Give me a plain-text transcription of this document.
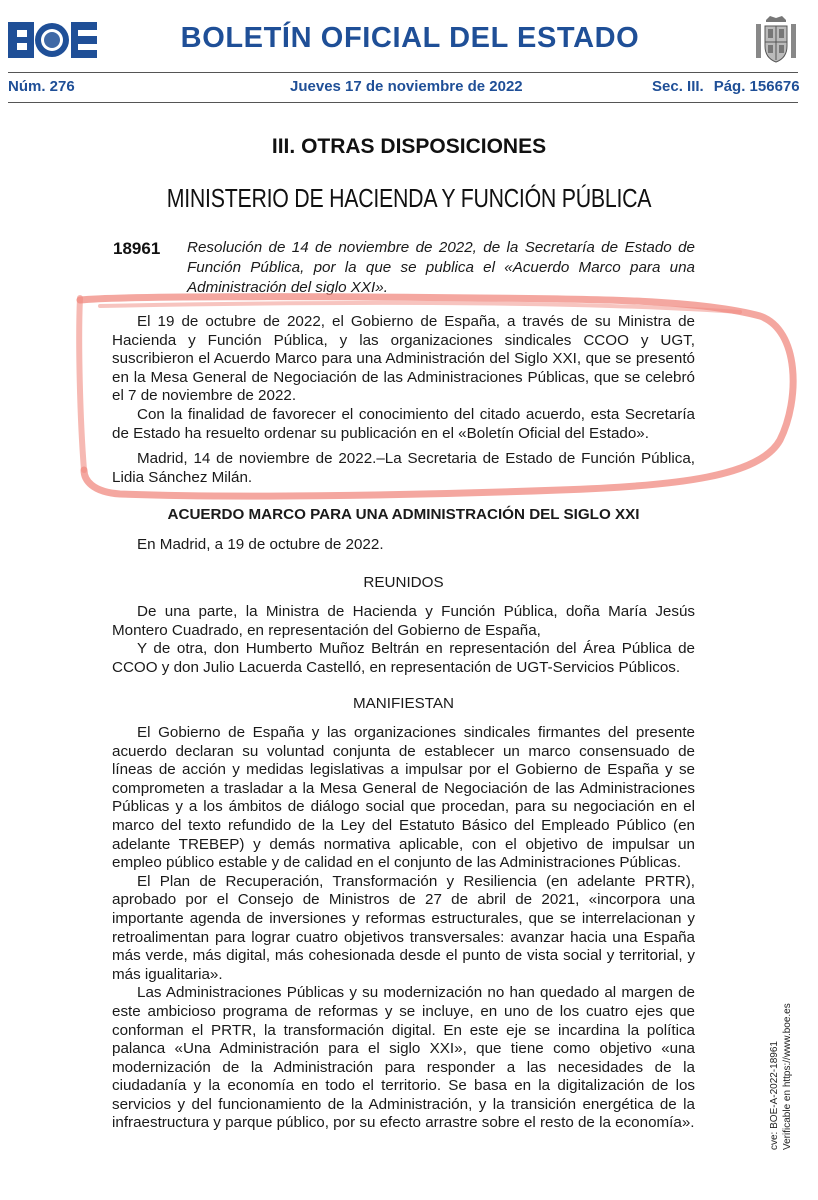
BOLETÍN OFICIAL DEL ESTADO
Núm. 276	Jueves 17 de noviembre de 2022	Sec. III. Pág. 156676
III. OTRAS DISPOSICIONES
MINISTERIO DE HACIENDA Y FUNCIÓN PÚBLICA
18961 Resolución de 14 de noviembre de 2022, de la Secretaría de Estado de Función Pública, por la que se publica el «Acuerdo Marco para una Administración del siglo XXI».

El 19 de octubre de 2022, el Gobierno de España, a través de su Ministra de Hacienda y Función Pública, y las organizaciones sindicales CCOO y UGT, suscribieron el Acuerdo Marco para una Administración del Siglo XXI, que se presentó en la Mesa General de Negociación de las Administraciones Públicas, que se celebró el 7 de noviembre de 2022.

Con la finalidad de favorecer el conocimiento del citado acuerdo, esta Secretaría de Estado ha resuelto ordenar su publicación en el «Boletín Oficial del Estado».

Madrid, 14 de noviembre de 2022.–La Secretaria de Estado de Función Pública, Lidia Sánchez Milán.

ACUERDO MARCO PARA UNA ADMINISTRACIÓN DEL SIGLO XXI
En Madrid, a 19 de octubre de 2022.
REUNIDOS

De una parte, la Ministra de Hacienda y Función Pública, doña María Jesús Montero Cuadrado, en representación del Gobierno de España,

Y de otra, don Humberto Muñoz Beltrán en representación del Área Pública de CCOO y don Julio Lacuerda Castelló, en representación de UGT-Servicios Públicos.

MANIFIESTAN

El Gobierno de España y las organizaciones sindicales firmantes del presente acuerdo declaran su voluntad conjunta de establecer un marco consensuado de líneas de acción y medidas legislativas a impulsar por el Gobierno de España y se comprometen a trasladar a la Mesa General de Negociación de las Administraciones Públicas y a los ámbitos de diálogo social que procedan, para su negociación en el marco del texto refundido de la Ley del Estatuto Básico del Empleado Público (en adelante TREBEP) y demás normativa aplicable, con el objetivo de impulsar un empleo público estable y de calidad en el conjunto de las Administraciones Públicas.

El Plan de Recuperación, Transformación y Resiliencia (en adelante PRTR), aprobado por el Consejo de Ministros de 27 de abril de 2021, «incorpora una importante agenda de inversiones y reformas estructurales, que se interrelacionan y retroalimentan para lograr cuatro objetivos transversales: avanzar hacia una España más verde, más digital, más cohesionada desde el punto de vista social y territorial, y más igualitaria».

Las Administraciones Públicas y su modernización no han quedado al margen de este ambicioso programa de reformas y se incluye, en uno de los cuatro ejes que conforman el PRTR, la transformación digital. En este eje se incardina la política palanca «Una Administración para el siglo XXI», que tiene como objetivo «una modernización de la Administración para responder a las necesidades de la ciudadanía y la economía en todo el territorio. Se basa en la digitalización de los servicios y del funcionamiento de la Administración, y la transición energética de la infraestructura y parque público, por su efecto arrastre sobre el resto de la economía».	cve: BOE-A-2022-18961 Verificable en https://www.boe.es
